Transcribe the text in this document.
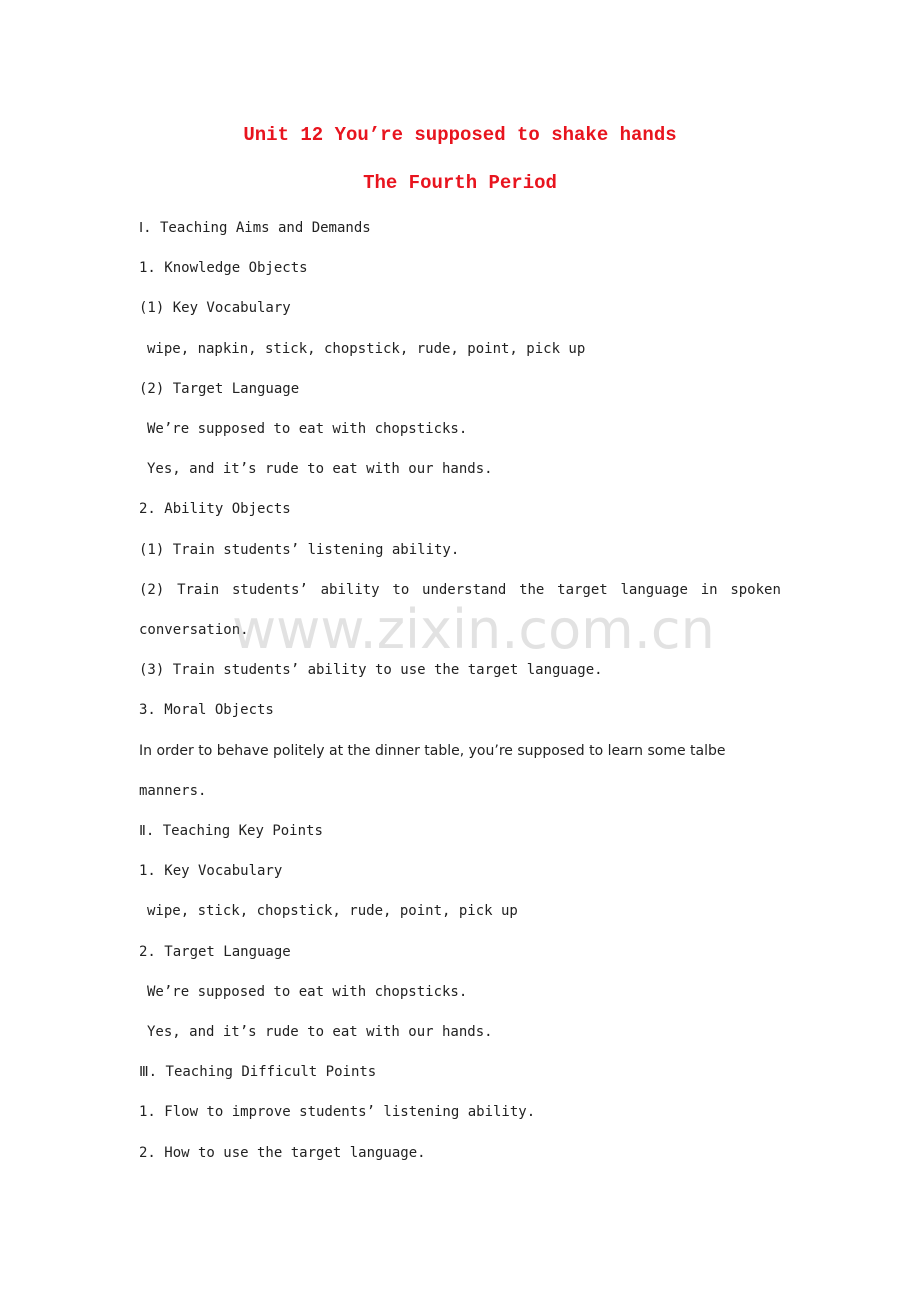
Unit 12 You’re supposed to shake hands
The Fourth Period
Ⅰ. Teaching Aims and Demands
1. Knowledge Objects
(1) Key Vocabulary
wipe, napkin, stick, chopstick, rude, point, pick up
(2) Target Language
We’re supposed to eat with chopsticks.
Yes, and it’s rude to eat with our hands.
2. Ability Objects
(1) Train students’ listening ability.
(2) Train students’ ability to understand the target language in spoken
conversation.
(3) Train students’ ability to use the target language.
3. Moral Objects
In order to behave politely at the dinner table, you’re supposed to learn some talbe
manners.
Ⅱ. Teaching Key Points
1. Key Vocabulary
wipe, stick, chopstick, rude, point, pick up
2. Target Language
We’re supposed to eat with chopsticks.
Yes, and it’s rude to eat with our hands.
Ⅲ. Teaching Difficult Points
1. Flow to improve students’ listening ability.
2. How to use the target language.
www.zixin.com.cn
